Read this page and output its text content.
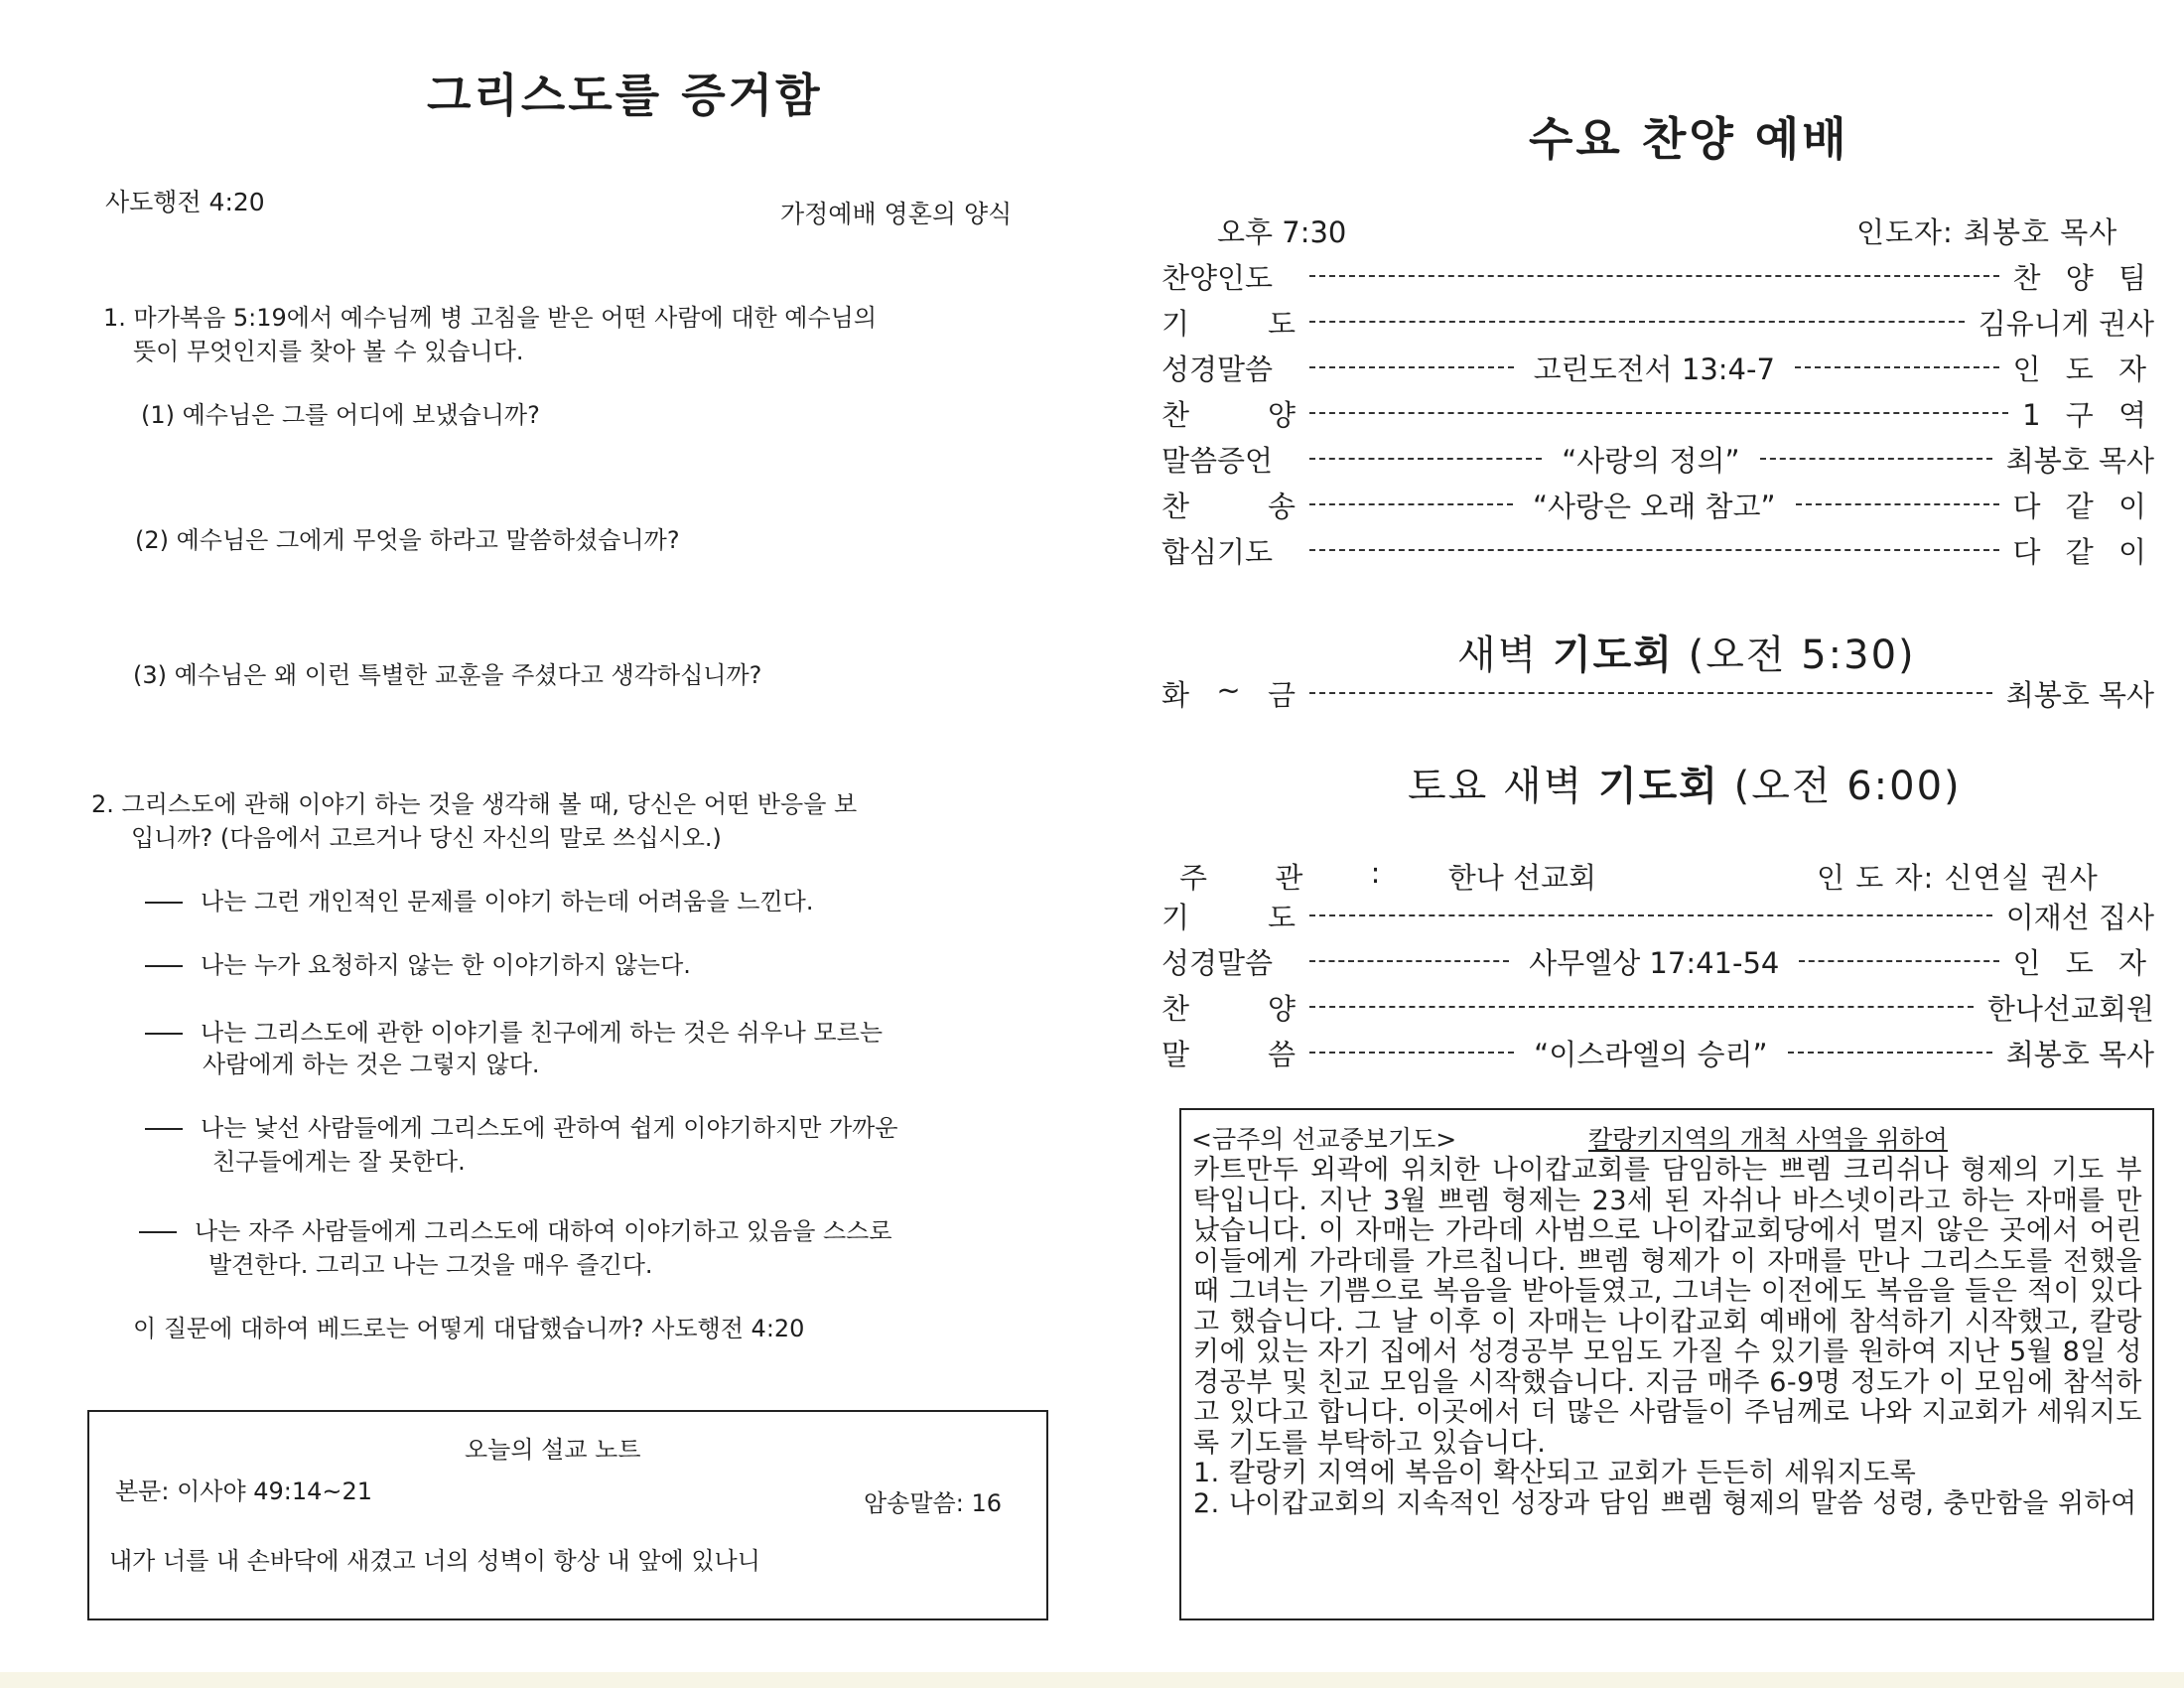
그리스도를 증거함
사도행전 4:20	가정예배 영혼의 양식
1. 마가복음 5:19에서 예수님께 병 고침을 받은 어떤 사람에 대한 예수님의
뜻이 무엇인지를 찾아 볼 수 있습니다.
(1) 예수님은 그를 어디에 보냈습니까?
(2) 예수님은 그에게 무엇을 하라고 말씀하셨습니까?
(3) 예수님은 왜 이런 특별한 교훈을 주셨다고 생각하십니까?
2. 그리스도에 관해 이야기 하는 것을 생각해 볼 때, 당신은 어떤 반응을 보
입니까? (다음에서 고르거나 당신 자신의 말로 쓰십시오.)
나는 그런 개인적인 문제를 이야기 하는데 어려움을 느낀다.
나는 누가 요청하지 않는 한 이야기하지 않는다.
나는 그리스도에 관한 이야기를 친구에게 하는 것은 쉬우나 모르는
사람에게 하는 것은 그렇지 않다.
나는 낯선 사람들에게 그리스도에 관하여 쉽게 이야기하지만 가까운
친구들에게는 잘 못한다.
나는 자주 사람들에게 그리스도에 대하여 이야기하고 있음을 스스로
발견한다. 그리고 나는 그것을 매우 즐긴다.
이 질문에 대하여 베드로는 어떻게 대답했습니까? 사도행전 4:20
오늘의 설교 노트
본문: 이사야 49:14~21	암송말씀: 16
내가 너를 내 손바닥에 새겼고 너의 성벽이 항상 내 앞에 있나니
수요 찬양 예배
오후 7:30	인도자: 최봉호 목사
찬양인도	찬 양 팀
기	도	김유니게 권사
성경말씀	고린도전서 13:4-7	인 도 자
찬	양	1 구 역
말씀증언	“사랑의 정의”	최봉호 목사
찬	송	“사랑은 오래 참고”	다 같 이
합심기도	다 같 이
새벽 기도회 (오전 5:30)
화 ~ 금	최봉호 목사
토요 새벽 기도회 (오전 6:00)
주 관 : 한나 선교회	인 도 자: 신연실 권사
기	도	이재선 집사
성경말씀	사무엘상 17:41-54	인 도 자
찬	양	한나선교회원
말	씀	“이스라엘의 승리”	최봉호 목사
<금주의 선교중보기도>	칼랑키지역의 개척 사역을 위하여

카트만두 외곽에 위치한 나이캅교회를 담임하는 쁘렘 크리쉬나 형제의 기도 부탁입니다. 지난 3월 쁘렘 형제는 23세 된 자쉬나 바스넷이라고 하는 자매를 만났습니다. 이 자매는 가라데 사범으로 나이캅교회당에서 멀지 않은 곳에서 어린이들에게 가라데를 가르칩니다. 쁘렘 형제가 이 자매를 만나 그리스도를 전했을 때 그녀는 기쁨으로 복음을 받아들였고, 그녀는 이전에도 복음을 들은 적이 있다고 했습니다. 그 날 이후 이 자매는 나이캅교회 예배에 참석하기 시작했고, 칼랑키에 있는 자기 집에서 성경공부 모임도 가질 수 있기를 원하여 지난 5월 8일 성경공부 및 친교 모임을 시작했습니다. 지금 매주 6-9명 정도가 이 모임에 참석하고 있다고 합니다. 이곳에서 더 많은 사람들이 주님께로 나와 지교회가 세워지도록 기도를 부탁하고 있습니다.

1. 칼랑키 지역에 복음이 확산되고 교회가 든든히 세워지도록

2. 나이캅교회의 지속적인 성장과 담임 쁘렘 형제의 말씀 성령, 충만함을 위하여
